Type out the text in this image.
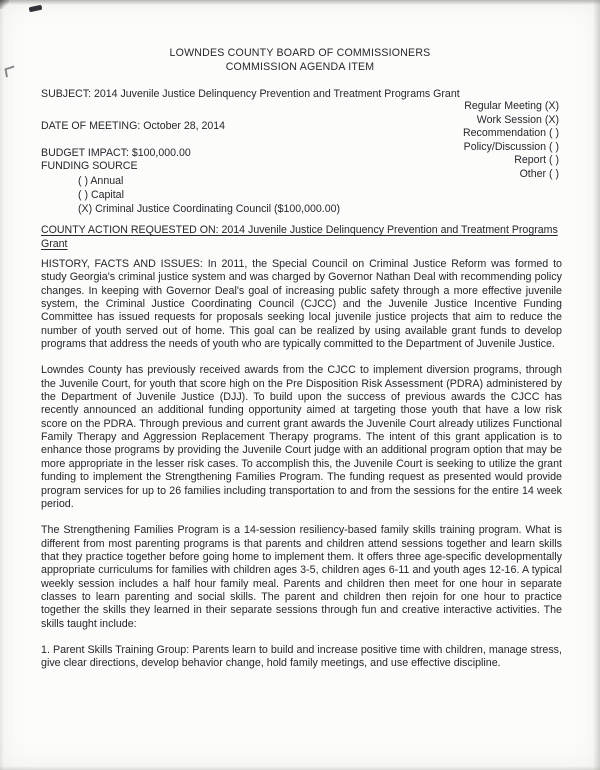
LOWNDES COUNTY BOARD OF COMMISSIONERS
COMMISSION AGENDA ITEM
SUBJECT: 2014 Juvenile Justice Delinquency Prevention and Treatment Programs Grant
Regular Meeting (X)
Work Session (X)
Recommendation ( )
Policy/Discussion ( )
Report ( )
Other ( )
DATE OF MEETING: October 28, 2014
BUDGET IMPACT: $100,000.00
FUNDING SOURCE
( ) Annual
( ) Capital
(X) Criminal Justice Coordinating Council ($100,000.00)
COUNTY ACTION REQUESTED ON: 2014 Juvenile Justice Delinquency Prevention and Treatment Programs Grant

HISTORY, FACTS AND ISSUES: In 2011, the Special Council on Criminal Justice Reform was formed to study Georgia's criminal justice system and was charged by Governor Nathan Deal with recommending policy changes. In keeping with Governor Deal's goal of increasing public safety through a more effective juvenile system, the Criminal Justice Coordinating Council (CJCC) and the Juvenile Justice Incentive Funding Committee has issued requests for proposals seeking local juvenile justice projects that aim to reduce the number of youth served out of home. This goal can be realized by using available grant funds to develop programs that address the needs of youth who are typically committed to the Department of Juvenile Justice.

Lowndes County has previously received awards from the CJCC to implement diversion programs, through the Juvenile Court, for youth that score high on the Pre Disposition Risk Assessment (PDRA) administered by the Department of Juvenile Justice (DJJ). To build upon the success of previous awards the CJCC has recently announced an additional funding opportunity aimed at targeting those youth that have a low risk score on the PDRA. Through previous and current grant awards the Juvenile Court already utilizes Functional Family Therapy and Aggression Replacement Therapy programs. The intent of this grant application is to enhance those programs by providing the Juvenile Court judge with an additional program option that may be more appropriate in the lesser risk cases. To accomplish this, the Juvenile Court is seeking to utilize the grant funding to implement the Strengthening Families Program. The funding request as presented would provide program services for up to 26 families including transportation to and from the sessions for the entire 14 week period.

The Strengthening Families Program is a 14-session resiliency-based family skills training program. What is different from most parenting programs is that parents and children attend sessions together and learn skills that they practice together before going home to implement them. It offers three age-specific developmentally appropriate curriculums for families with children ages 3-5, children ages 6-11 and youth ages 12-16. A typical weekly session includes a half hour family meal. Parents and children then meet for one hour in separate classes to learn parenting and social skills. The parent and children then rejoin for one hour to practice together the skills they learned in their separate sessions through fun and creative interactive activities. The skills taught include:

1. Parent Skills Training Group: Parents learn to build and increase positive time with children, manage stress, give clear directions, develop behavior change, hold family meetings, and use effective discipline.
